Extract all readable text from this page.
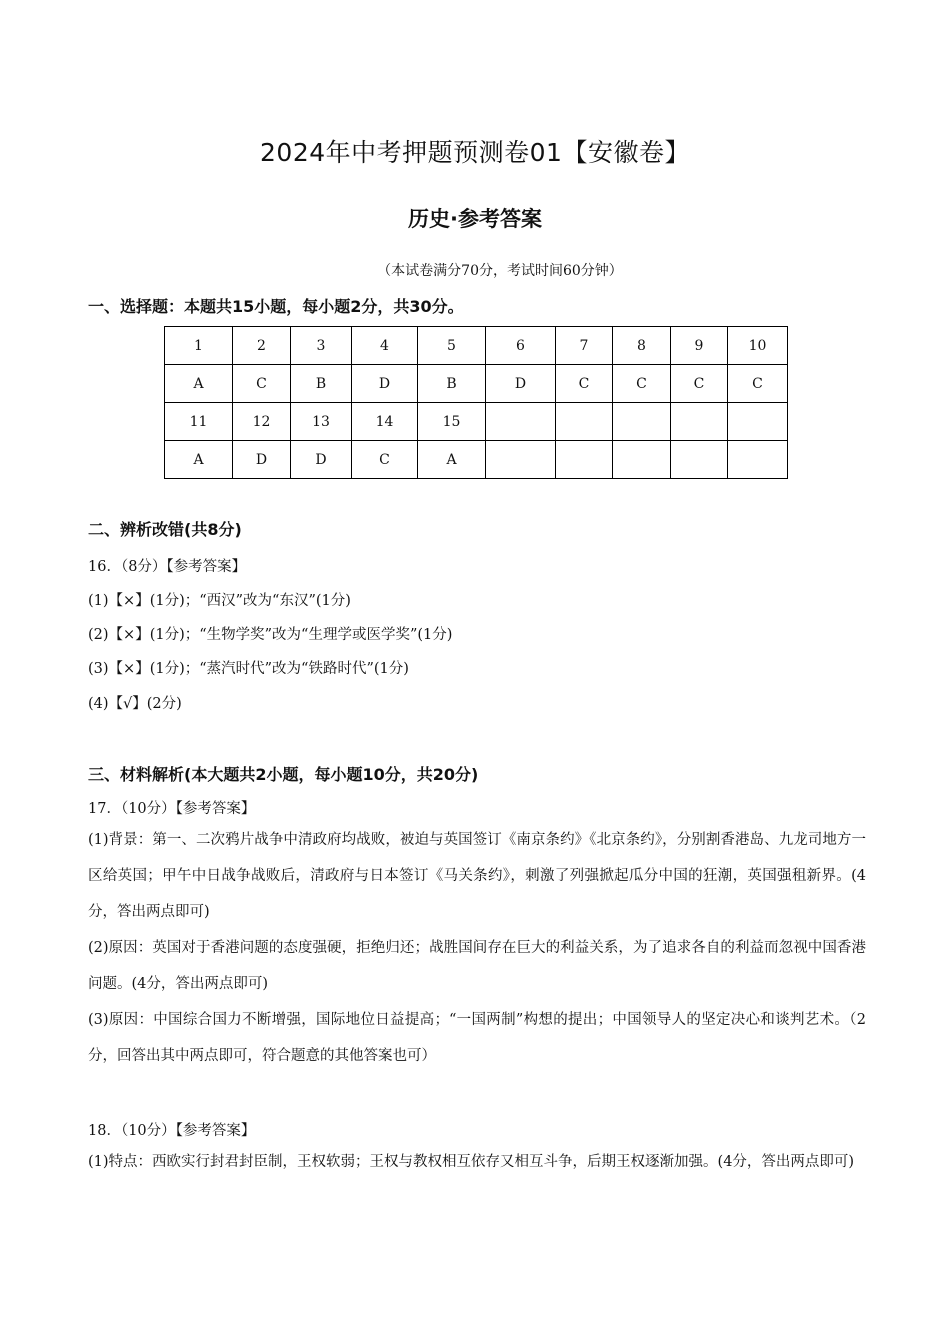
2024年中考押题预测卷01【安徽卷】
历史·参考答案
（本试卷满分70分，考试时间60分钟）
一、选择题：本题共15小题，每小题2分，共30分。
1	2	3	4	5	6	7	8	9	10
A	C	B	D	B	D	C	C	C	C
11	12	13	14	15					
A	D	D	C	A					
二、辨析改错(共8分)
16．（8分）【参考答案】
(1)【×】(1分)；“西汉”改为“东汉”(1分)
(2)【×】(1分)；“生物学奖”改为“生理学或医学奖”(1分)
(3)【×】(1分)；“蒸汽时代”改为“铁路时代”(1分)
(4)【√】(2分)
三、材料解析(本大题共2小题，每小题10分，共20分)
17．（10分）【参考答案】
(1)背景：第一、二次鸦片战争中清政府均战败，被迫与英国签订《南京条约》《北京条约》，分别割香港岛、九龙司地方一区给英国；甲午中日战争战败后，清政府与日本签订《马关条约》，刺激了列强掀起瓜分中国的狂潮，英国强租新界。(4分，答出两点即可)
(2)原因：英国对于香港问题的态度强硬，拒绝归还；战胜国间存在巨大的利益关系，为了追求各自的利益而忽视中国香港问题。(4分，答出两点即可)
(3)原因：中国综合国力不断增强，国际地位日益提高；“一国两制”构想的提出；中国领导人的坚定决心和谈判艺术。（2分，回答出其中两点即可，符合题意的其他答案也可）
18．（10分）【参考答案】
(1)特点：西欧实行封君封臣制，王权软弱；王权与教权相互依存又相互斗争，后期王权逐渐加强。(4分，答出两点即可)
